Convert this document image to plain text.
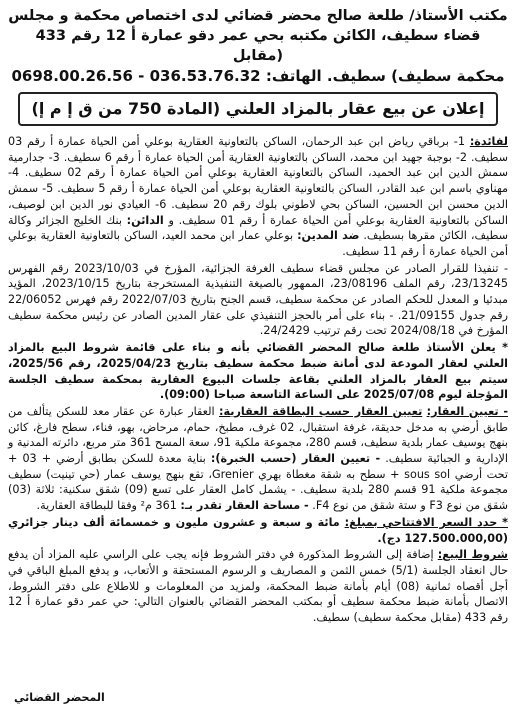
مكتب الأستاذ/ طلعة صالح محضر قضائي لدى اختصاص محكمة و مجلس
قضاء سطيف، الكائن مكتبه بحي عمر دقو عمارة أ 12 رقم 433 (مقابل
محكمة سطيف) سطيف. الهاتف: 036.53.76.32 - 0698.00.26.56
إعلان عن بيع عقار بالمزاد العلني (المادة 750 من ق إ م إ)

لفائدة: 1- برباقي رياض ابن عبد الرحمان، الساكن بالتعاونية العقارية بوعلي أمن الحياة عمارة أ رقم 03 سطيف. 2- بوجبة جهيد ابن محمد، الساكن بالتعاونية العقارية أمن الحياة عمارة أ رقم 6 سطيف. 3- جدارمية سمش الدين ابن عبد الحميد، الساكن بالتعاونية العقارية بوعلي أمن الحياة عمارة أ رقم 02 سطيف. 4- مهناوي باسم ابن عبد القادر، الساكن بالتعاونية العقارية بوعلي أمن الحياة عمارة أ رقم 5 سطيف. 5- سمش الدين محسن ابن الحسين، الساكن بحي لاطوني بلوك رقم 20 سطيف. 6- العيادي نور الدين ابن لوصيف، الساكن بالتعاونية العقارية بوعلي أمن الحياة عمارة أ رقم 01 سطيف. و الدائن: بنك الخليج الجزائر وكالة سطيف، الكائن مقرها بسطيف. ضد المدين: بوعلي عمار ابن محمد العيد، الساكن بالتعاونية العقارية بوعلي أمن الحياة عمارة أ رقم 11 سطيف.

- تنفيذا للقرار الصادر عن مجلس قضاء سطيف الغرفة الجزائية، المؤرخ في 2023/10/03 رقم الفهرس 23/13245، رقم الملف 23/08196، الممهور بالصيغة التنفيذية المستخرجة بتاريخ 2023/10/15، المؤيد مبدئيا و المعدل للحكم الصادر عن محكمة سطيف، قسم الجنح بتاريخ 2022/07/03 رقم فهرس 22/06052 رقم جدول 21/09155. - بناء على أمر بالحجز التنفيذي على عقار المدين الصادر عن رئيس محكمة سطيف المؤرخ في 2024/08/18 تحت رقم ترتيب 24/2429.

* يعلن الأستاذ طلعة صالح المحضر القضائي بأنه و بناء على قائمة شروط البيع بالمزاد العلني لعقار المودعة لدى أمانة ضبط محكمة سطيف بتاريخ 2025/04/23، رقم 2025/56، سيتم بيع العقار بالمزاد العلني بقاعة جلسات البيوع العقارية بمحكمة سطيف الجلسة المؤجلة ليوم 2025/07/08 على الساعة التاسعة صباحا (09:00).

- تعيين العقار: تعيين العقار حسب البطاقة العقارية: العقار عبارة عن عقار معد للسكن يتألف من طابق أرضي به مدخل حديقة، غرفة استقبال، 02 غرف، مطبخ، حمام، مرحاض، بهو، فناء، سطح فارغ، كائن بنهج يوسيف عمار بلدية سطيف، قسم 280، مجموعة ملكية 91، سعة المسح 361 متر مربع، دائرته المدنية و الإدارية و الجبائية سطيف. - تعيين العقار (حسب الخبرة): بناية معدة للسكن بطابق أرضي + 03 + تحت أرضي sous sol + سطح به شقة مغطاة بهري Grenier، تقع بنهج يوسف عمار (حي تينيت) سطيف مجموعة ملكية 91 قسم 280 بلدية سطيف. - يشمل كامل العقار على تسع (09) شقق سكنية: ثلاثة (03) شقق من نوع F3 و ستة شقق من نوع F4. - مساحة العقار تقدر بـ: 361 م² وفقا للبطاقة العقارية.

* حدد السعر الافتتاحي بمبلغ: مائة و سبعة و عشرون مليون و خمسمائة ألف دينار جزائري (127.500.000,00 دج).

شروط البيع: إضافة إلى الشروط المذكورة في دفتر الشروط فإنه يجب على الراسي عليه المزاد أن يدفع حال انعقاد الجلسة (5/1) خمس الثمن و المصاريف و الرسوم المستحقة و الأتعاب، و يدفع المبلغ الباقي في أجل أقصاه ثمانية (08) أيام بأمانة ضبط المحكمة، ولمزيد من المعلومات و للاطلاع على دفتر الشروط، الاتصال بأمانة ضبط محكمة سطيف أو بمكتب المحضر القضائي بالعنوان التالي: حي عمر دقو عمارة أ 12 رقم 433 (مقابل محكمة سطيف) سطيف.

المحضر القضائي
